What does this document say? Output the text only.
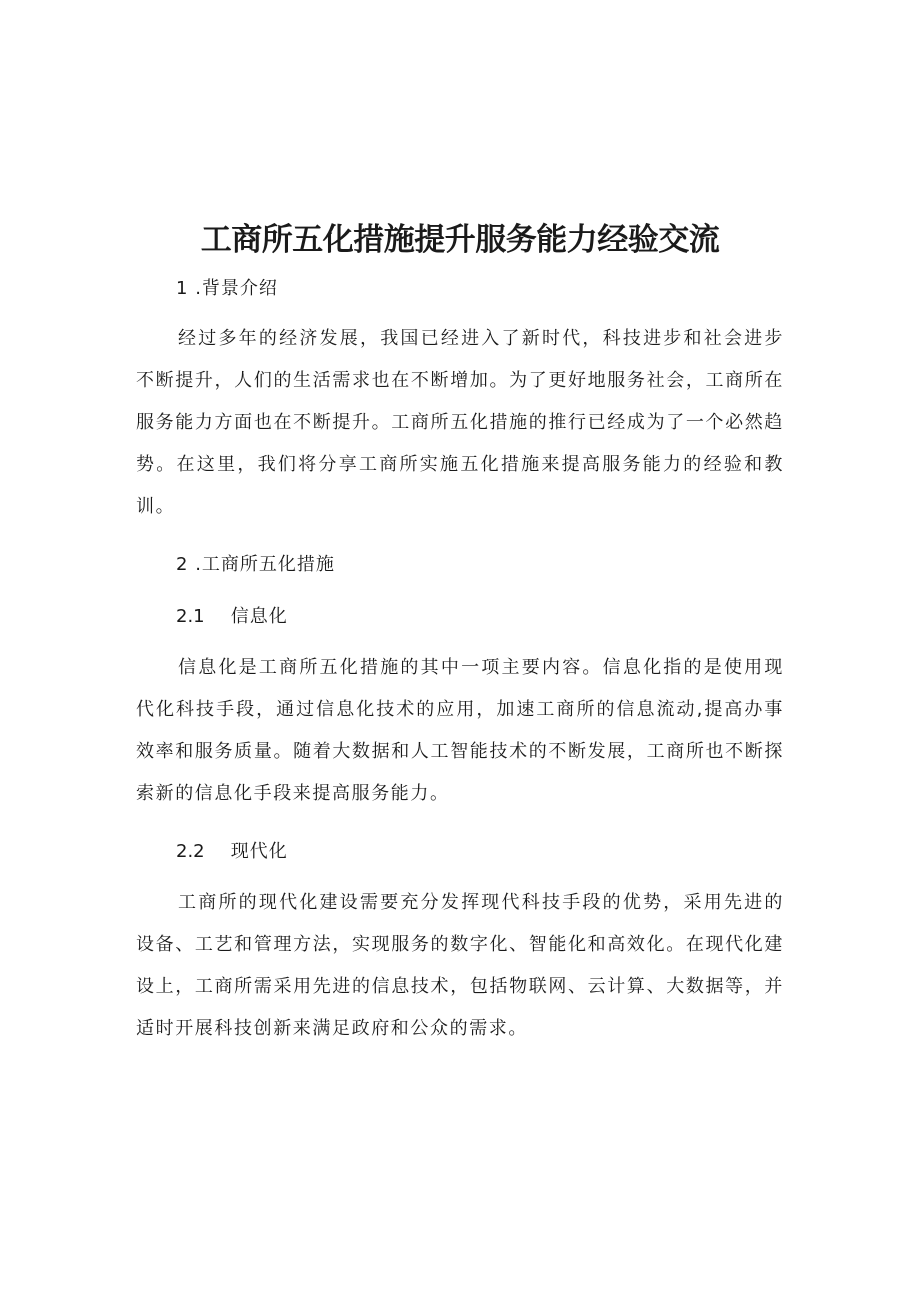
工商所五化措施提升服务能力经验交流
1 .背景介绍

经过多年的经济发展，我国已经进入了新时代，科技进步和社会进步不断提升，人们的生活需求也在不断增加。为了更好地服务社会，工商所在服务能力方面也在不断提升。工商所五化措施的推行已经成为了一个必然趋势。在这里，我们将分享工商所实施五化措施来提高服务能力的经验和教训。

2 .工商所五化措施
2.1 信息化

信息化是工商所五化措施的其中一项主要内容。信息化指的是使用现代化科技手段，通过信息化技术的应用，加速工商所的信息流动,提高办事效率和服务质量。随着大数据和人工智能技术的不断发展，工商所也不断探索新的信息化手段来提高服务能力。

2.2 现代化

工商所的现代化建设需要充分发挥现代科技手段的优势，采用先进的设备、工艺和管理方法，实现服务的数字化、智能化和高效化。在现代化建设上，工商所需采用先进的信息技术，包括物联网、云计算、大数据等，并适时开展科技创新来满足政府和公众的需求。
